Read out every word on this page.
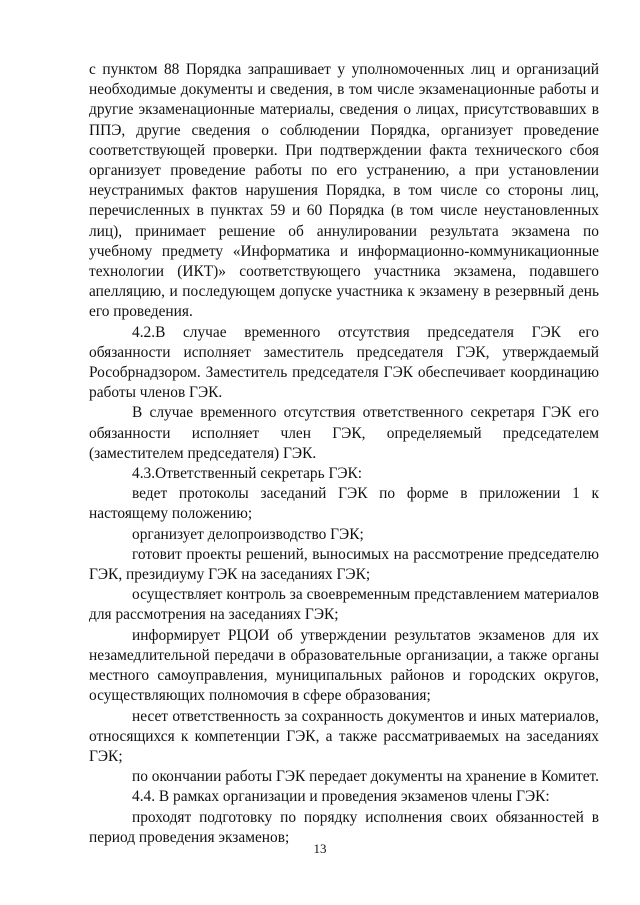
с пунктом 88 Порядка запрашивает у уполномоченных лиц и организаций необходимые документы и сведения, в том числе экзаменационные работы и другие экзаменационные материалы, сведения о лицах, присутствовавших в ППЭ, другие сведения о соблюдении Порядка, организует проведение соответствующей проверки. При подтверждении факта технического сбоя организует проведение работы по его устранению, а при установлении неустранимых фактов нарушения Порядка, в том числе со стороны лиц, перечисленных в пунктах 59 и 60 Порядка (в том числе неустановленных лиц), принимает решение об аннулировании результата экзамена по учебному предмету «Информатика и информационно-коммуникационные технологии (ИКТ)» соответствующего участника экзамена, подавшего апелляцию, и последующем допуске участника к экзамену в резервный день его проведения.

4.2.В случае временного отсутствия председателя ГЭК его обязанности исполняет заместитель председателя ГЭК, утверждаемый Рособрнадзором. Заместитель председателя ГЭК обеспечивает координацию работы членов ГЭК.

В случае временного отсутствия ответственного секретаря ГЭК его обязанности исполняет член ГЭК, определяемый председателем (заместителем председателя) ГЭК.

4.3.Ответственный секретарь ГЭК:

ведет протоколы заседаний ГЭК по форме в приложении 1 к настоящему положению;

организует делопроизводство ГЭК;

готовит проекты решений, выносимых на рассмотрение председателю ГЭК, президиуму ГЭК на заседаниях ГЭК;

осуществляет контроль за своевременным представлением материалов для рассмотрения на заседаниях ГЭК;

информирует РЦОИ об утверждении результатов экзаменов для их незамедлительной передачи в образовательные организации, а также органы местного самоуправления, муниципальных районов и городских округов, осуществляющих полномочия в сфере образования;

несет ответственность за сохранность документов и иных материалов, относящихся к компетенции ГЭК, а также рассматриваемых на заседаниях ГЭК;

по окончании работы ГЭК передает документы на хранение в Комитет.

4.4. В рамках организации и проведения экзаменов члены ГЭК:

проходят подготовку по порядку исполнения своих обязанностей в период проведения экзаменов;

13
